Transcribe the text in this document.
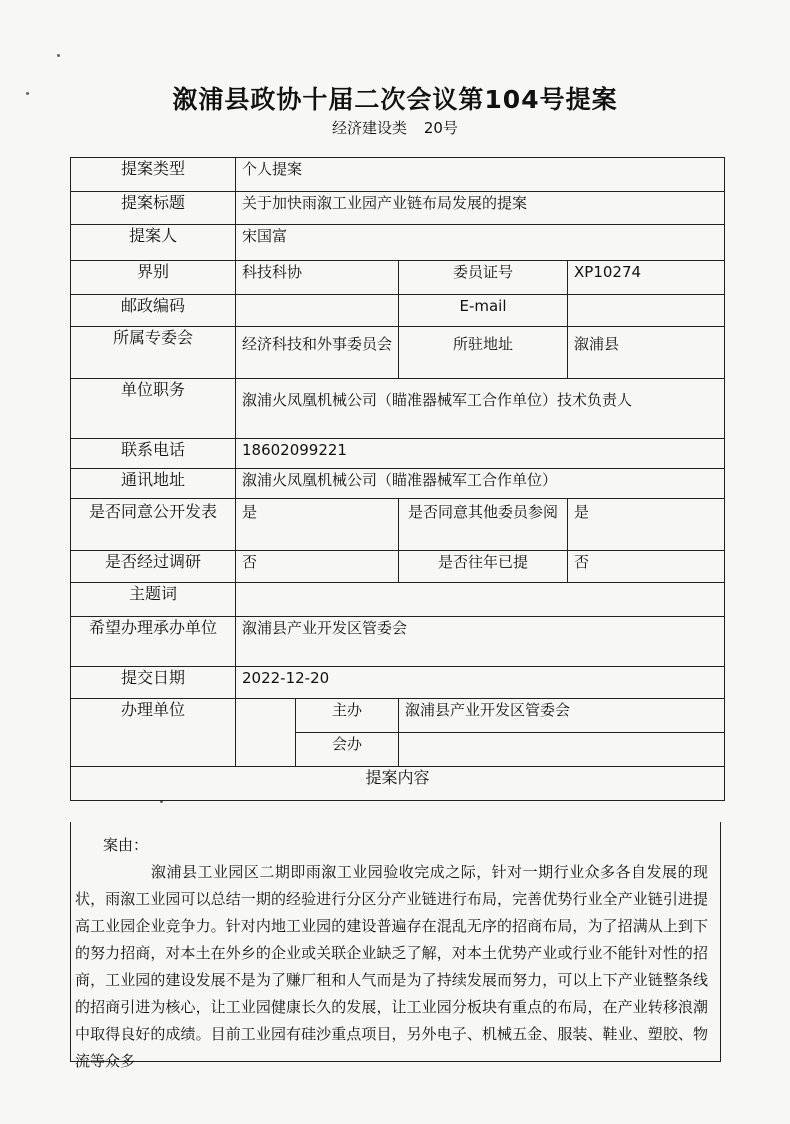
溆浦县政协十届二次会议第104号提案
经济建设类 20号
提案类型	个人提案			
提案标题	关于加快雨溆工业园产业链布局发展的提案			
提案人	宋国富			
界别	科技科协		委员证号	XP10274
邮政编码			E-mail	
所属专委会	经济科技和外事委员会		所驻地址	溆浦县
单位职务	溆浦火凤凰机械公司（瞄准器械军工合作单位）技术负责人			
联系电话	18602099221			
通讯地址	溆浦火凤凰机械公司（瞄准器械军工合作单位）			
是否同意公开发表	是		是否同意其他委员参阅	是
是否经过调研	否		是否往年已提	否
主题词				
希望办理承办单位	溆浦县产业开发区管委会			
提交日期	2022-12-20			
办理单位		主办	溆浦县产业开发区管委会	
		会办		
提案内容				
案由：

溆浦县工业园区二期即雨溆工业园验收完成之际，针对一期行业众多各自发展的现状，雨溆工业园可以总结一期的经验进行分区分产业链进行布局，完善优势行业全产业链引进提高工业园企业竞争力。针对内地工业园的建设普遍存在混乱无序的招商布局，为了招满从上到下的努力招商，对本土在外乡的企业或关联企业缺乏了解，对本土优势产业或行业不能针对性的招商，工业园的建设发展不是为了赚厂租和人气而是为了持续发展而努力，可以上下产业链整条线的招商引进为核心，让工业园健康长久的发展，让工业园分板块有重点的布局，在产业转移浪潮中取得良好的成绩。目前工业园有硅沙重点项目，另外电子、机械五金、服装、鞋业、塑胶、物流等众多
